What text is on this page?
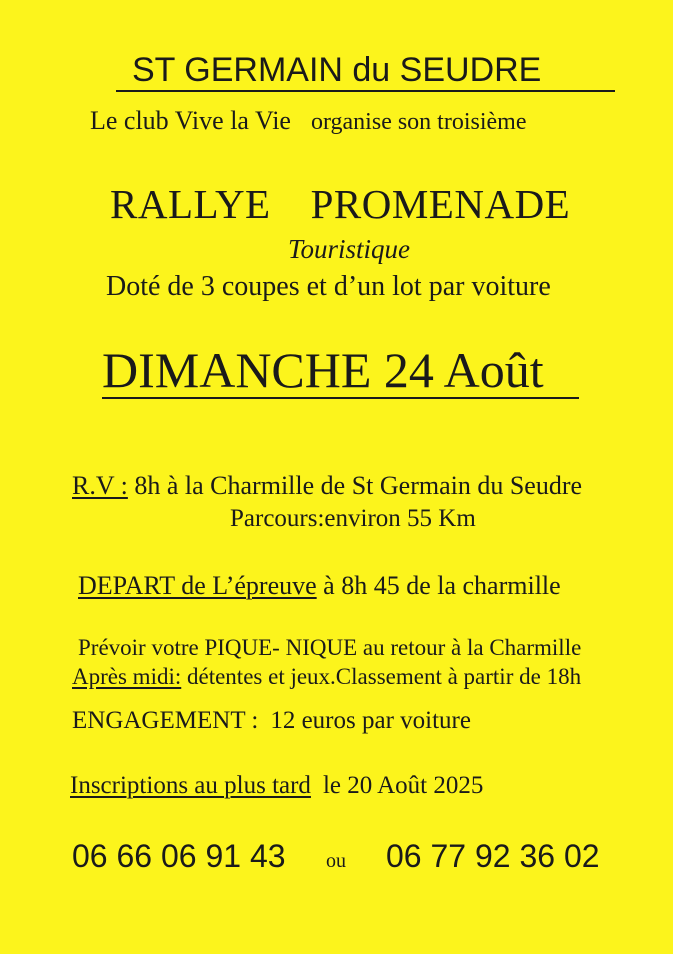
ST GERMAIN du SEUDRE
Le club Vive la Vie organise son troisième
RALLYE PROMENADE
Touristique
Doté de 3 coupes et d’un lot par voiture
DIMANCHE 24 Août
R.V : 8h à la Charmille de St Germain du Seudre
Parcours:environ 55 Km
DEPART de L’épreuve à 8h 45 de la charmille
Prévoir votre PIQUE- NIQUE au retour à la Charmille
Après midi: détentes et jeux.Classement à partir de 18h
ENGAGEMENT : 12 euros par voiture
Inscriptions au plus tard le 20 Août 2025
06 66 06 91 43 ou 06 77 92 36 02
